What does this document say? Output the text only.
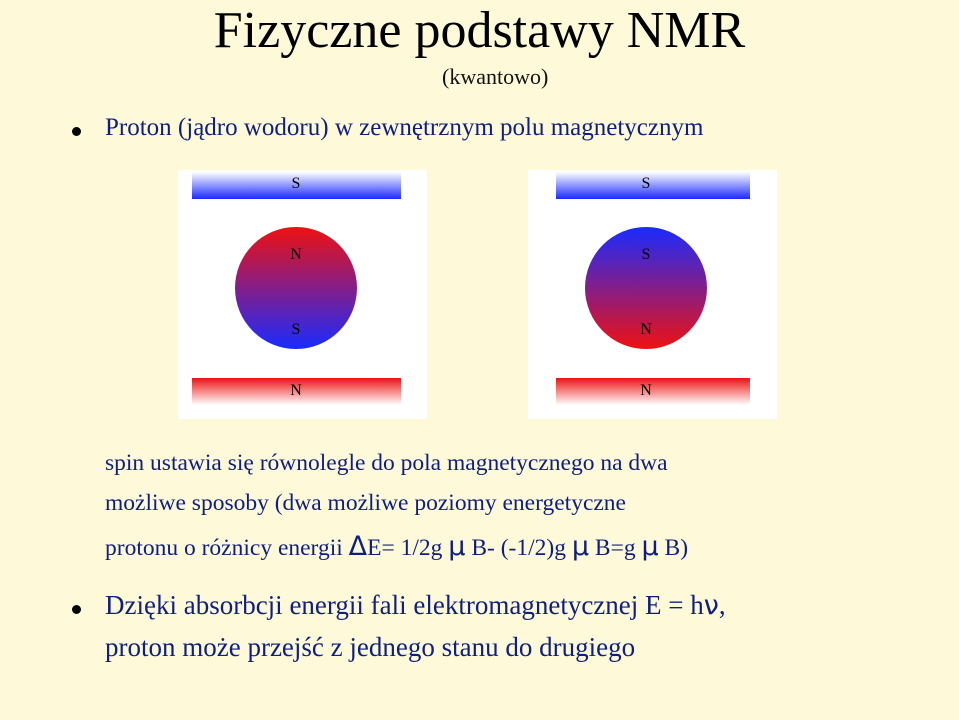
Fizyczne podstawy NMR
(kwantowo)
Proton (jądro wodoru) w zewnętrznym polu magnetycznym
S
N
S
N
S
S
N
N
spin ustawia się równolegle do pola magnetycznego na dwa
możliwe sposoby (dwa możliwe poziomy energetyczne
protonu o różnicy energii ΔE= 1/2g μ B- (-1/2)g μ B=g μ B)
Dzięki absorbcji energii fali elektromagnetycznej E = hν,
proton może przejść z jednego stanu do drugiego
